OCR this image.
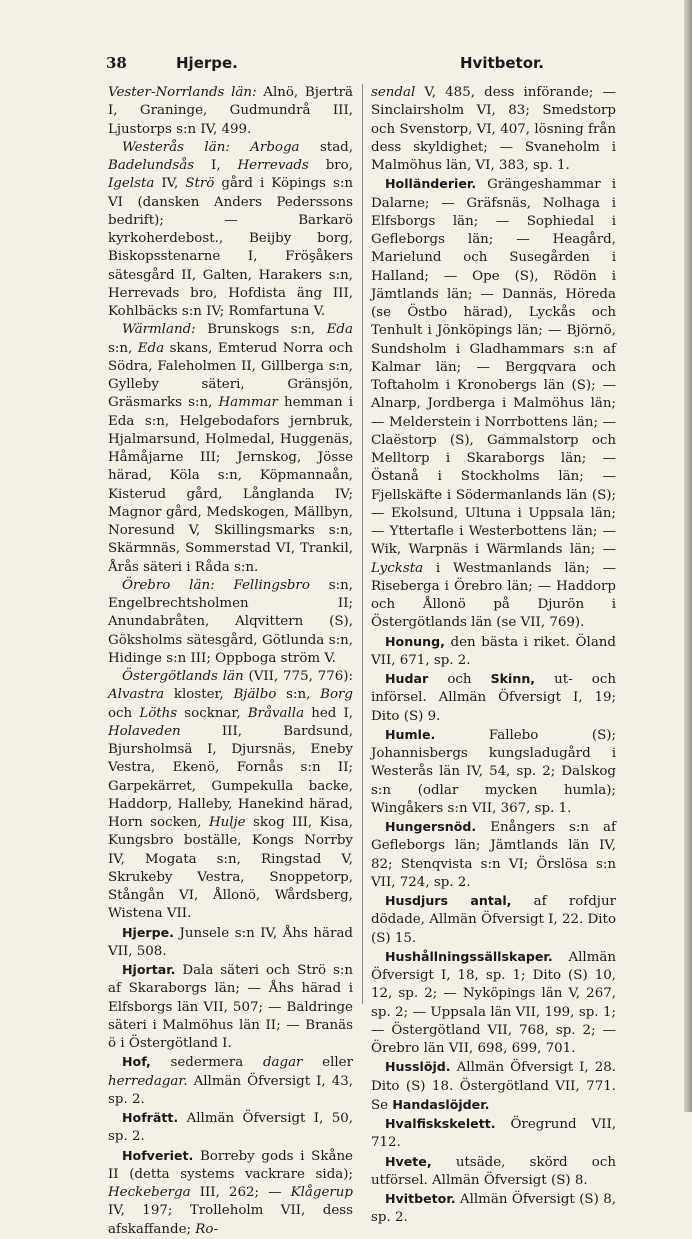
38	Hjerpe.	Hvitbetor.

Vester-Norrlands län: Alnö, Bjerträ I, Graninge, Gudmundrå III, Ljustorps s:n IV, 499.

Westerås län: Arboga stad, Badelundsås I, Herrevads bro, Igelsta IV, Strö gård i Köpings s:n VI (dansken Anders Pederssons bedrift); — Barkarö kyrkoherdebost., Beijby borg, Biskopsstenarne I, Fröşåkers sätesgård II, Galten, Harakers s:n, Herrevads bro, Hofdista äng III, Kohlbäcks s:n IV; Romfartuna V.

Wärmland: Brunskogs s:n, Eda s:n, Eda skans, Emterud Norra och Södra, Faleholmen II, Gillberga s:n, Gylleby säteri, Gränsjön, Gräsmarks s:n, Hammar hemman i Eda s:n, Helgebodafors jernbruk, Hjalmarsund, Holmedal, Huggenäs, Håmåjarne III; Jernskog, Jösse härad, Köla s:n, Köpmannaån, Kisterud gård, Långlanda IV; Magnor gård, Medskogen, Mällbyn, Noresund V, Skillingsmarks s:n, Skärmnäs, Sommerstad VI, Trankil, Årås säteri i Råda s:n.

Örebro län: Fellingsbro s:n, Engelbrechtsholmen II; Anundabråten, Alqvittern (S), Göksholms sätesgård, Götlunda s:n, Hidinge s:n III; Oppboga ström V.

Östergötlands län (VII, 775, 776): Alvastra kloster, Bjälbo s:n, Borg och Löths socknar, Bråvalla hed I, Holaveden III, Bardsund, Bjursholmsä I, Djursnäs, Eneby Vestra, Ekenö, Fornås s:n II; Garpekärret, Gumpekulla backe, Haddorp, Halleby, Hanekind härad, Horn socken, Hulje skog III, Kisa, Kungsbro boställe, Kongs Norrby IV, Mogata s:n, Ringstad V, Skrukeby Vestra, Snoppetorp, Stångån VI, Ållonö, Wårdsberg, Wistena VII.

Hjerpe. Junsele s:n IV, Åhs härad VII, 508.

Hjortar. Dala säteri och Strö s:n af Skaraborgs län; — Åhs härad i Elfsborgs län VII, 507; — Baldringe säteri i Malmöhus län II; — Branäs ö i Östergötland I.

Hof, sedermera dagar eller herredagar. Allmän Öfversigt I, 43, sp. 2.

Hofrätt. Allmän Öfversigt I, 50, sp. 2.

Hofveriet. Borreby gods i Skåne II (detta systems vackrare sida); Heckeberga III, 262; — Klågerup IV, 197; Trolleholm VII, dess afskaffande; Ro-

sendal V, 485, dess införande; — Sinclairsholm VI, 83; Smedstorp och Svenstorp, VI, 407, lösning från dess skyldighet; — Svaneholm i Malmöhus län, VI, 383, sp. 1.

Holländerier. Grängeshammar i Dalarne; — Gräfsnäs, Nolhaga i Elfsborgs län; — Sophiedal i Gefleborgs län; — Heagård, Marielund och Susegården i Halland; — Ope (S), Rödön i Jämtlands län; — Dannäs, Höreda (se Östbo härad), Lyckås och Tenhult i Jönköpings län; — Björnö, Sundsholm i Gladhammars s:n af Kalmar län; — Bergqvara och Toftaholm i Kronobergs län (S); — Alnarp, Jordberga i Malmöhus län; — Melderstein i Norrbottens län; — Claëstorp (S), Gammalstorp och Melltorp i Skaraborgs län; — Östanå i Stockholms län; — Fjellskäfte i Södermanlands län (S); — Ekolsund, Ultuna i Uppsala län; — Yttertafle i Westerbottens län; — Wik, Warpnäs i Wärmlands län; — Lycksta i Westmanlands län; — Riseberga i Örebro län; — Haddorp och Ållonö på Djurön i Östergötlands län (se VII, 769).

Honung, den bästa i riket. Öland VII, 671, sp. 2.

Hudar och Skinn, ut- och införsel. Allmän Öfversigt I, 19; Dito (S) 9.

Humle. Fallebo (S); Johannisbergs kungsladugård i Westerås län IV, 54, sp. 2; Dalskog s:n (odlar mycken humla); Wingåkers s:n VII, 367, sp. 1.

Hungersnöd. Enångers s:n af Gefleborgs län; Jämtlands län IV, 82; Stenqvista s:n VI; Örslösa s:n VII, 724, sp. 2.

Husdjurs antal, af rofdjur dödade, Allmän Öfversigt I, 22. Dito (S) 15.

Hushållningssällskaper. Allmän Öfversigt I, 18, sp. 1; Dito (S) 10, 12, sp. 2; — Nyköpings län V, 267, sp. 2; — Uppsala län VII, 199, sp. 1; — Östergötland VII, 768, sp. 2; — Örebro län VII, 698, 699, 701.

Husslöjd. Allmän Öfversigt I, 28. Dito (S) 18. Östergötland VII, 771. Se Handaslöjder.

Hvalfiskskelett. Öregrund VII, 712.

Hvete, utsäde, skörd och utförsel. Allmän Öfversigt (S) 8.

Hvitbetor. Allmän Öfversigt (S) 8, sp. 2.
